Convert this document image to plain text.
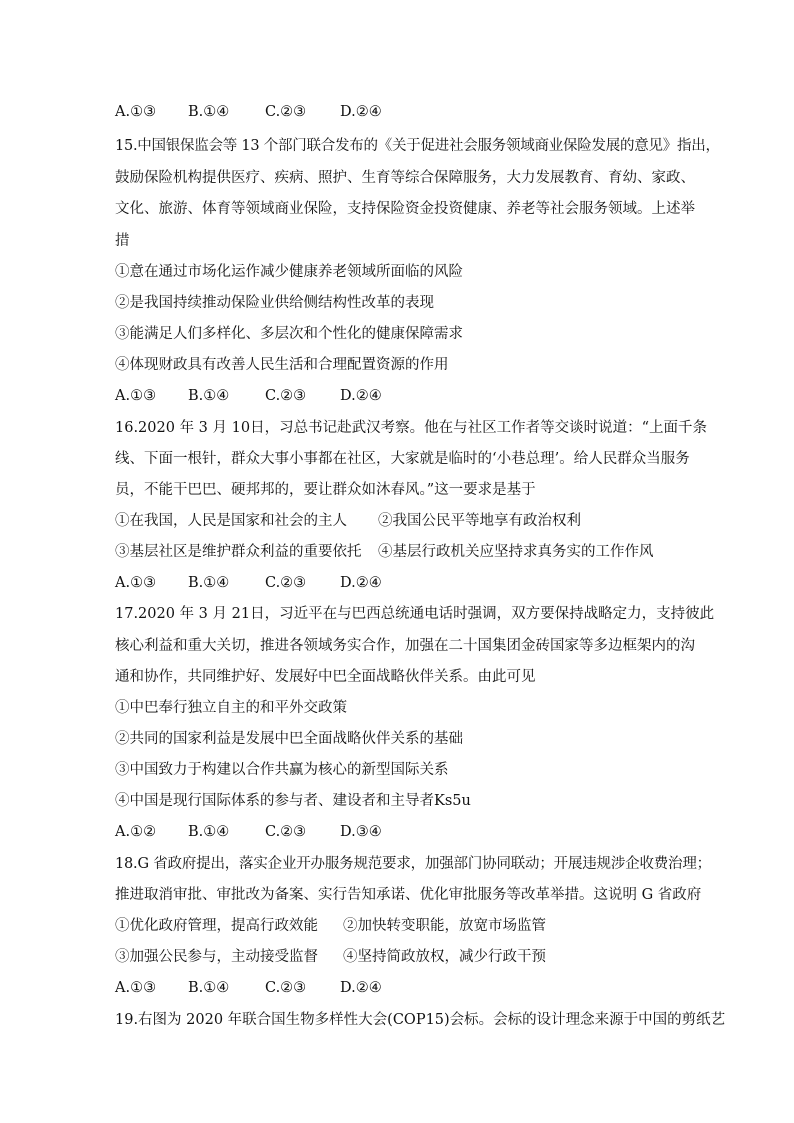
A.①③ B.①④ C.②③ D.②④
15.中国银保监会等 13 个部门联合发布的《关于促进社会服务领域商业保险发展的意见》指出，
鼓励保险机构提供医疗、疾病、照护、生育等综合保障服务，大力发展教育、育幼、家政、
文化、旅游、体育等领域商业保险，支持保险资金投资健康、养老等社会服务领域。上述举
措
①意在通过市场化运作减少健康养老领域所面临的风险
②是我国持续推动保险业供给侧结构性改革的表现
③能满足人们多样化、多层次和个性化的健康保障需求
④体现财政具有改善人民生活和合理配置资源的作用
A.①③ B.①④ C.②③ D.②④
16.2020 年 3 月 10日，习总书记赴武汉考察。他在与社区工作者等交谈时说道：“上面千条
线、下面一根针，群众大事小事都在社区，大家就是临时的‘小巷总理’。给人民群众当服务
员，不能干巴巴、硬邦邦的，要让群众如沐春风。”这一要求是基于
①在我国，人民是国家和社会的主人 ②我国公民平等地享有政治权利
③基层社区是维护群众利益的重要依托 ④基层行政机关应坚持求真务实的工作作风
A.①③ B.①④ C.②③ D.②④
17.2020 年 3 月 21日，习近平在与巴西总统通电话时强调，双方要保持战略定力，支持彼此
核心利益和重大关切，推进各领域务实合作，加强在二十国集团金砖国家等多边框架内的沟
通和协作，共同维护好、发展好中巴全面战略伙伴关系。由此可见
①中巴奉行独立自主的和平外交政策
②共同的国家利益是发展中巴全面战略伙伴关系的基础
③中国致力于构建以合作共赢为核心的新型国际关系
④中国是现行国际体系的参与者、建设者和主导者Ks5u
A.①② B.①④ C.②③ D.③④
18.G 省政府提出，落实企业开办服务规范要求，加强部门协同联动；开展违规涉企收费治理；
推进取消审批、审批改为备案、实行告知承诺、优化审批服务等改革举措。这说明 G 省政府
①优化政府管理，提高行政效能 ②加快转变职能，放宽市场监管
③加强公民参与，主动接受监督 ④坚持简政放权，减少行政干预
A.①③ B.①④ C.②③ D.②④
19.右图为 2020 年联合国生物多样性大会(COP15)会标。会标的设计理念来源于中国的剪纸艺
